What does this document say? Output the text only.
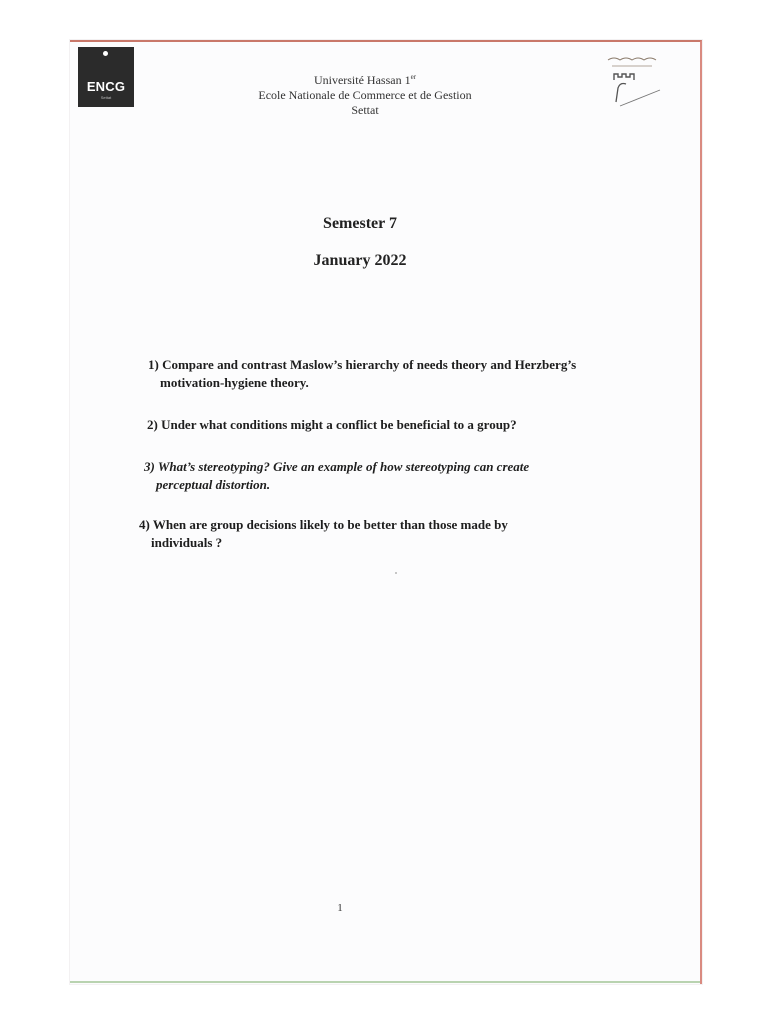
ENCG
Settat
Université Hassan 1er
Ecole Nationale de Commerce et de Gestion
Settat
Semester 7
January 2022
1) Compare and contrast Maslow’s hierarchy of needs theory and Herzberg’s
motivation-hygiene theory.
2) Under what conditions might a conflict be beneficial to a group?
3) What’s stereotyping? Give an example of how stereotyping can create
perceptual distortion.
4) When are group decisions likely to be better than those made by
individuals ?
1
